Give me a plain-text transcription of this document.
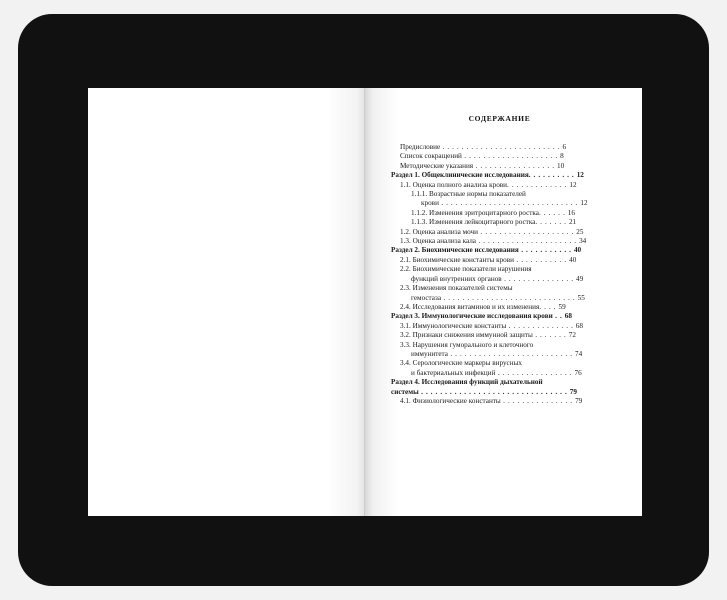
СОДЕРЖАНИЕ
Предисловие . . . . . . . . . . . . . . . . . . . . . . . . . 6
Список сокращений . . . . . . . . . . . . . . . . . . . . 8
Методические указания . . . . . . . . . . . . . . . . . 10
Раздел 1. Общеклинические исследования. . . . . . . . . . 12
1.1. Оценка полного анализа крови. . . . . . . . . . . . . 12
1.1.1. Возрастные нормы показателей
крови . . . . . . . . . . . . . . . . . . . . . . . . . . . . . 12
1.1.2. Изменения эритроцитарного ростка. . . . . . 16
1.1.3. Изменения лейкоцитарного ростка. . . . . . . 21
1.2. Оценка анализа мочи . . . . . . . . . . . . . . . . . . . . 25
1.3. Оценка анализа кала . . . . . . . . . . . . . . . . . . . . . 34
Раздел 2. Биохимические исследования . . . . . . . . . . . 40
2.1. Биохимические константы крови . . . . . . . . . . . 40
2.2. Биохимические показатели нарушения
функций внутренних органов . . . . . . . . . . . . . . . 49
2.3. Изменения показателей системы
гемостаза . . . . . . . . . . . . . . . . . . . . . . . . . . . . 55
2.4. Исследования витаминов и их изменения. . . . 59
Раздел 3. Иммунологические исследования крови . . 68
3.1. Иммунологические константы . . . . . . . . . . . . . . 68
3.2. Признаки снижения иммунной защиты . . . . . . . 72
3.3. Нарушения гуморального и клеточного
иммунитета . . . . . . . . . . . . . . . . . . . . . . . . . . 74
3.4. Серологические маркеры вирусных
и бактериальных инфекций . . . . . . . . . . . . . . . . 76
Раздел 4. Исследования функций дыхательной
системы . . . . . . . . . . . . . . . . . . . . . . . . . . . . . . . 79
4.1. Физиологические константы . . . . . . . . . . . . . . . 79
